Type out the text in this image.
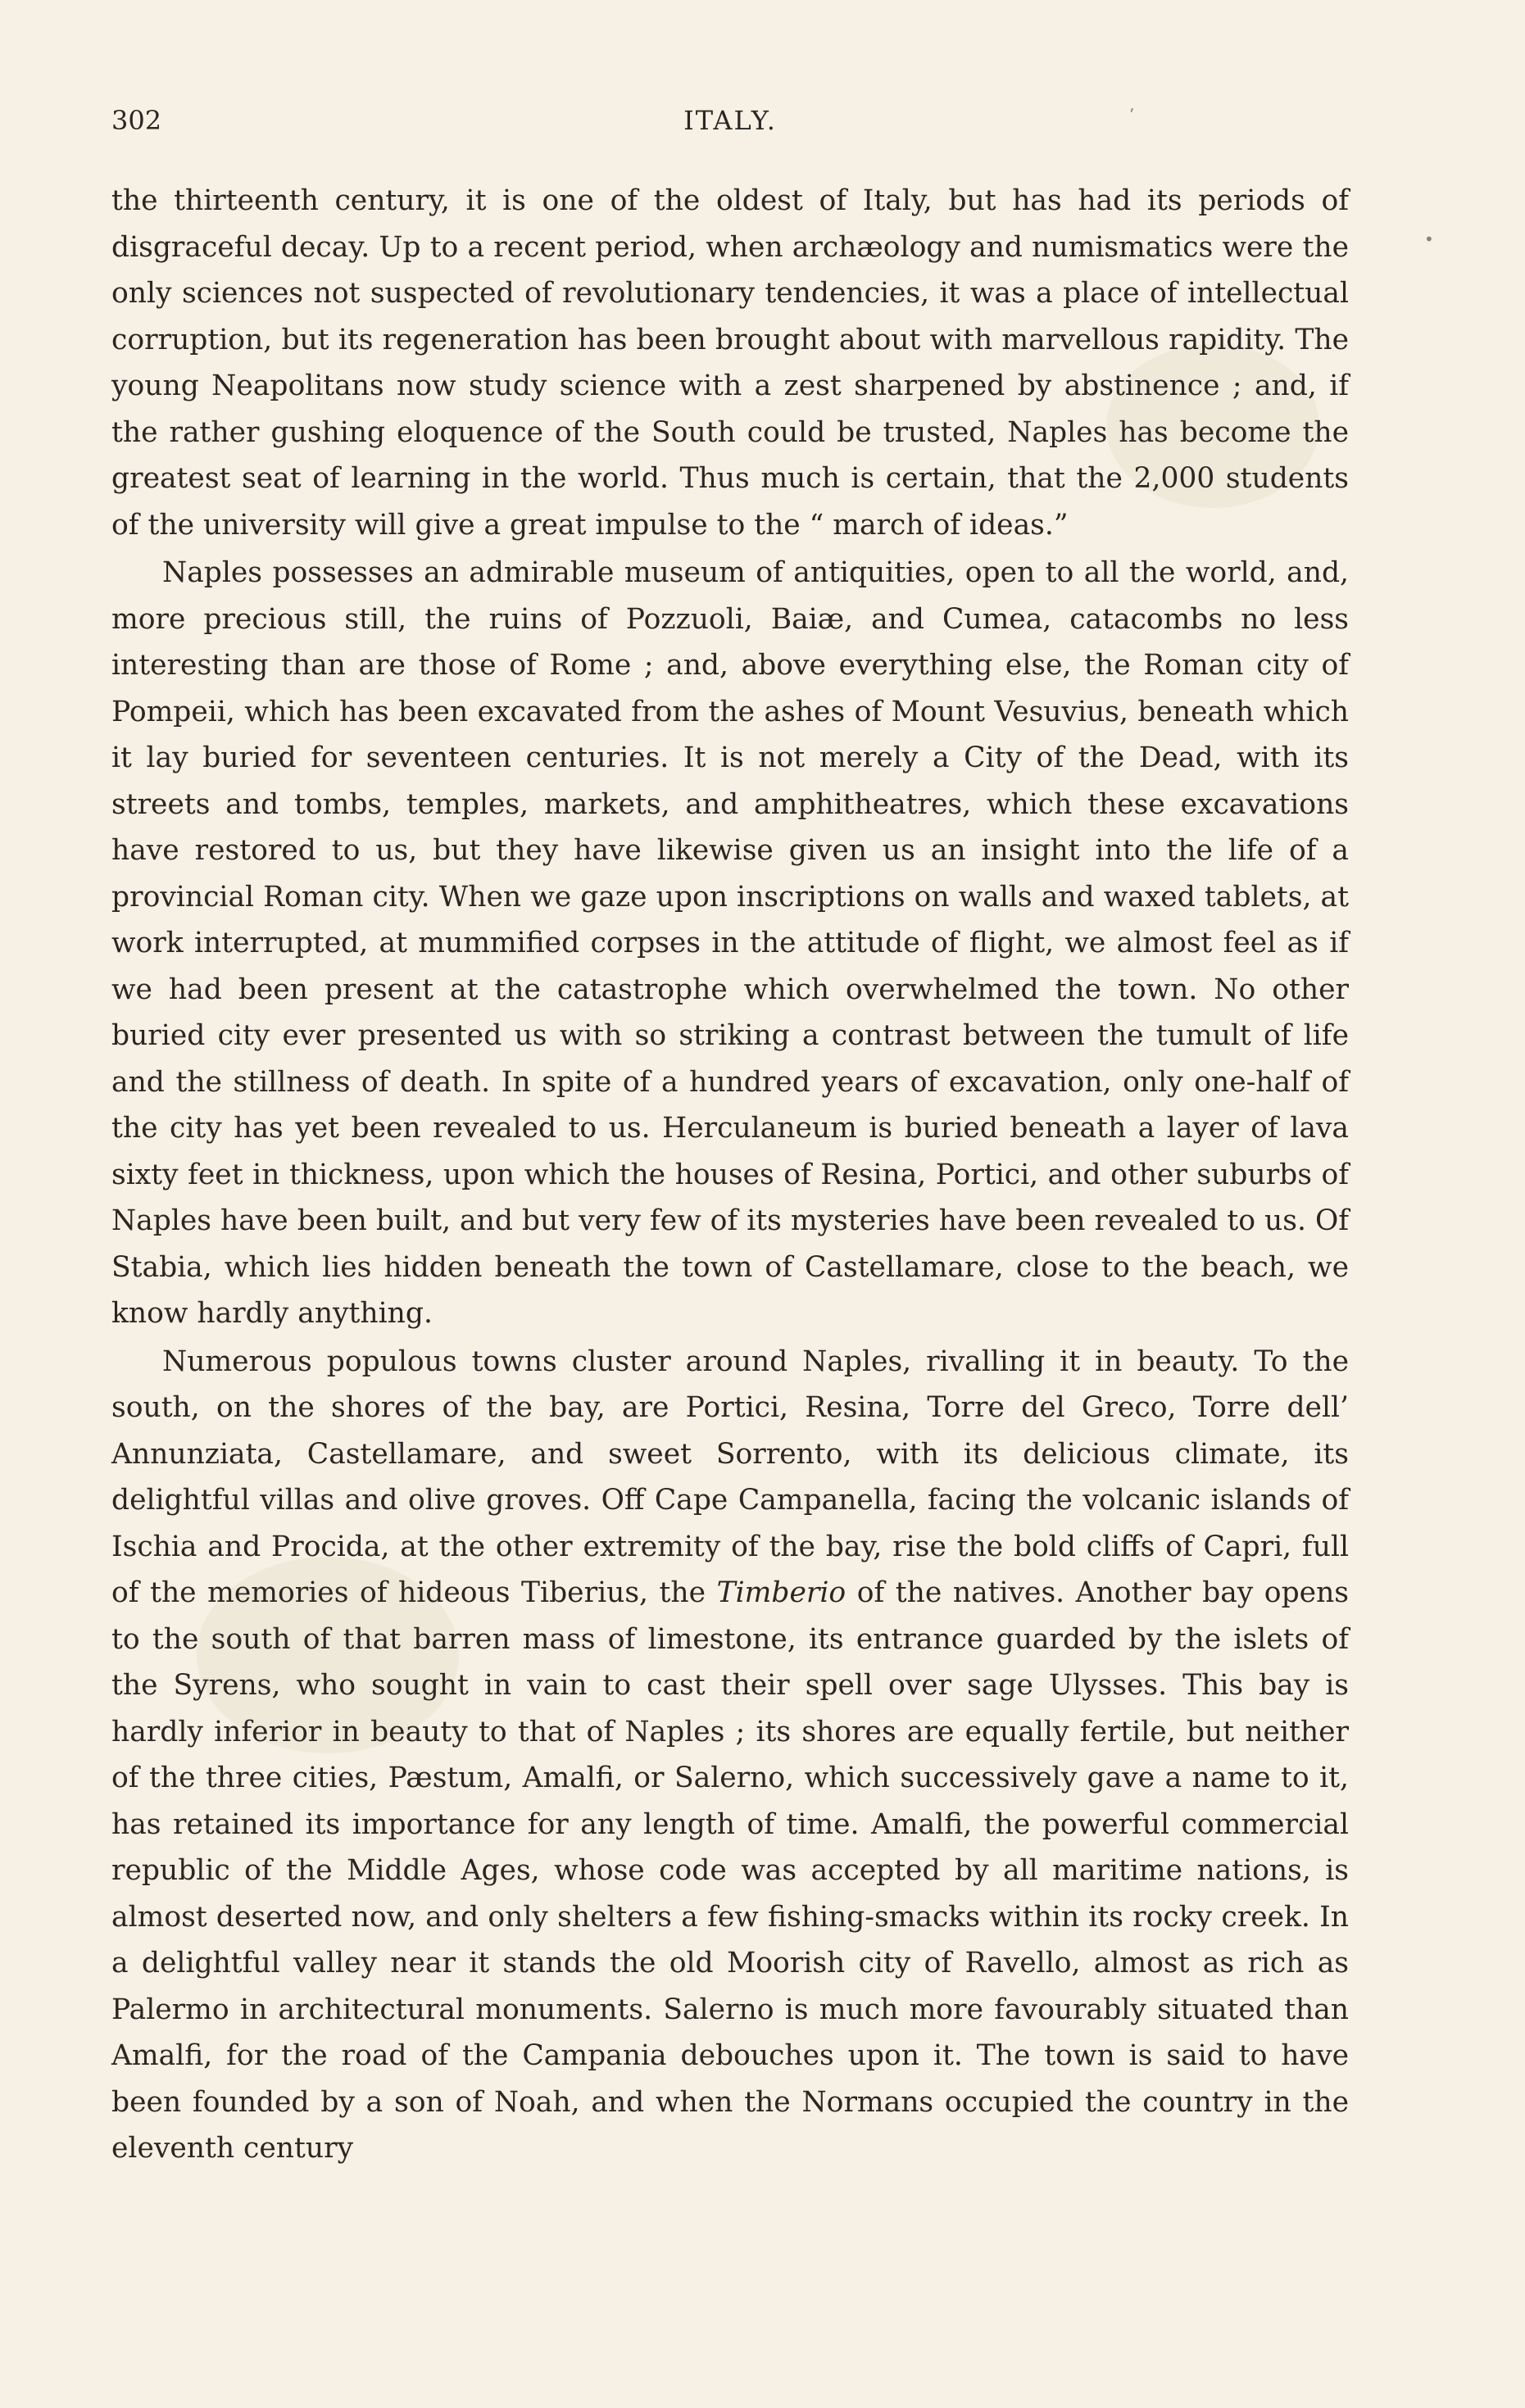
•
ʼ
302	ITALY.

the thirteenth century, it is one of the oldest of Italy, but has had its periods of disgraceful decay. Up to a recent period, when archæology and numismatics were the only sciences not suspected of revolutionary tendencies, it was a place of intellectual corruption, but its regeneration has been brought about with marvellous rapidity. The young Neapolitans now study science with a zest sharpened by abstinence ; and, if the rather gushing eloquence of the South could be trusted, Naples has become the greatest seat of learning in the world. Thus much is certain, that the 2,000 students of the university will give a great impulse to the “ march of ideas.”

Naples possesses an admirable museum of antiquities, open to all the world, and, more precious still, the ruins of Pozzuoli, Baiæ, and Cumea, catacombs no less interesting than are those of Rome ; and, above everything else, the Roman city of Pompeii, which has been excavated from the ashes of Mount Vesuvius, beneath which it lay buried for seventeen centuries. It is not merely a City of the Dead, with its streets and tombs, temples, markets, and amphitheatres, which these excavations have restored to us, but they have likewise given us an insight into the life of a provincial Roman city. When we gaze upon inscriptions on walls and waxed tablets, at work interrupted, at mummified corpses in the attitude of flight, we almost feel as if we had been present at the catastrophe which overwhelmed the town. No other buried city ever presented us with so striking a contrast between the tumult of life and the stillness of death. In spite of a hundred years of excavation, only one-half of the city has yet been revealed to us. Herculaneum is buried beneath a layer of lava sixty feet in thickness, upon which the houses of Resina, Portici, and other suburbs of Naples have been built, and but very few of its mysteries have been revealed to us. Of Stabia, which lies hidden beneath the town of Castellamare, close to the beach, we know hardly anything.

Numerous populous towns cluster around Naples, rivalling it in beauty. To the south, on the shores of the bay, are Portici, Resina, Torre del Greco, Torre dell’ Annunziata, Castellamare, and sweet Sorrento, with its delicious climate, its delightful villas and olive groves. Off Cape Campanella, facing the volcanic islands of Ischia and Procida, at the other extremity of the bay, rise the bold cliffs of Capri, full of the memories of hideous Tiberius, the Timberio of the natives. Another bay opens to the south of that barren mass of limestone, its entrance guarded by the islets of the Syrens, who sought in vain to cast their spell over sage Ulysses. This bay is hardly inferior in beauty to that of Naples ; its shores are equally fertile, but neither of the three cities, Pæstum, Amalfi, or Salerno, which successively gave a name to it, has retained its importance for any length of time. Amalfi, the powerful commercial republic of the Middle Ages, whose code was accepted by all maritime nations, is almost deserted now, and only shelters a few fishing-smacks within its rocky creek. In a delightful valley near it stands the old Moorish city of Ravello, almost as rich as Palermo in architectural monuments. Salerno is much more favourably situated than Amalfi, for the road of the Campania debouches upon it. The town is said to have been founded by a son of Noah, and when the Normans occupied the country in the eleventh century
